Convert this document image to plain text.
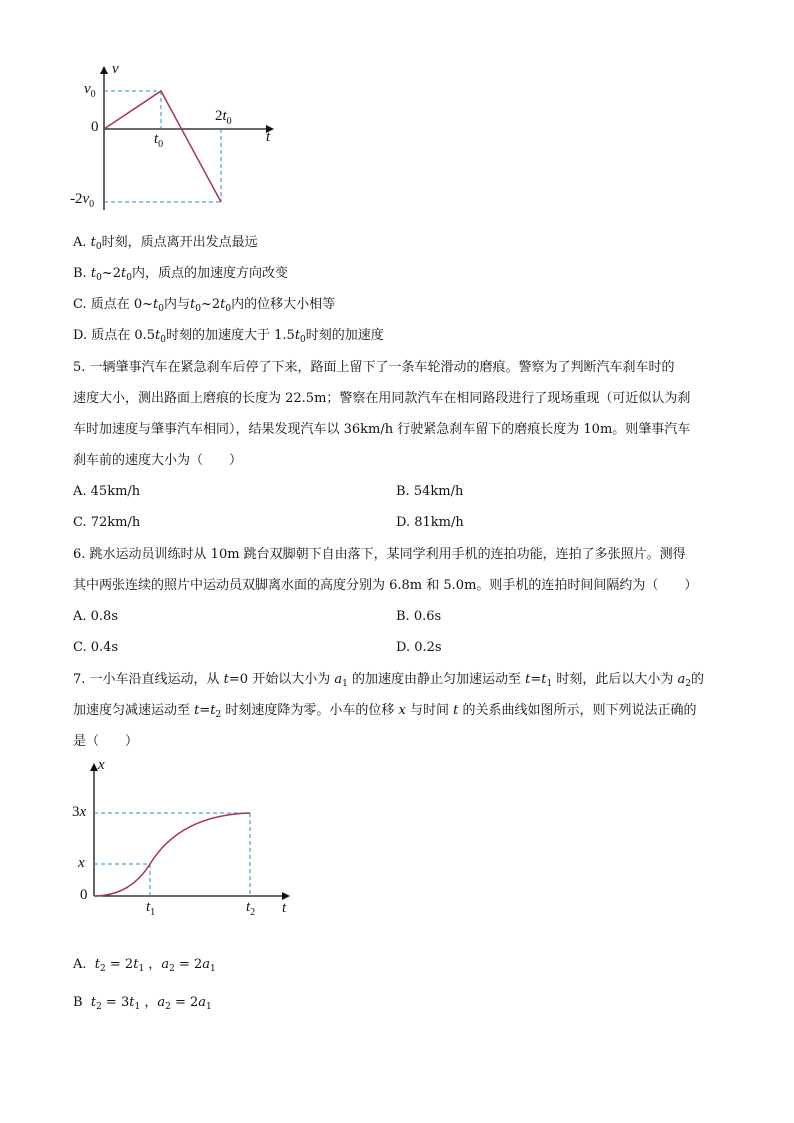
v
t
$v_0$
0
$-2v_0$
$t_0$
$2t_0$
A. $t_0$时刻，质点离开出发点最远
B. $t_0\sim 2t_0$内，质点的加速度方向改变
C. 质点在 $0\sim t_0$内与$t_0\sim 2t_0$内的位移大小相等
D. 质点在 $0.5t_0$时刻的加速度大于 $1.5t_0$时刻的加速度
5. 一辆肇事汽车在紧急刹车后停了下来，路面上留下了一条车轮滑动的磨痕。警察为了判断汽车刹车时的
速度大小，测出路面上磨痕的长度为 22.5m；警察在用同款汽车在相同路段进行了现场重现（可近似认为刹
车时加速度与肇事汽车相同），结果发现汽车以 36km/h 行驶紧急刹车留下的磨痕长度为 10m。则肇事汽车
刹车前的速度大小为（　　）
A. 45km/h	B. 54km/h
C. 72km/h	D. 81km/h
6. 跳水运动员训练时从 10m 跳台双脚朝下自由落下，某同学利用手机的连拍功能，连拍了多张照片。测得
其中两张连续的照片中运动员双脚离水面的高度分别为 6.8m 和 5.0m。则手机的连拍时间间隔约为（　　）
A. 0.8s	B. 0.6s
C. 0.4s	D. 0.2s
7. 一小车沿直线运动，从 t=0 开始以大小为 $a_1$ 的加速度由静止匀加速运动至 $t=t_1$ 时刻，此后以大小为 $a_2$的
加速度匀减速运动至 $t=t_2$ 时刻速度降为零。小车的位移 x 与时间 t 的关系曲线如图所示，则下列说法正确的
是（　　）
x
t
3x
x
0
$t_1$	$t_2$
A.  $t_2 = 2t_1$ ，$a_2 = 2a_1$
B  $t_2 = 3t_1$ ，$a_2 = 2a_1$
